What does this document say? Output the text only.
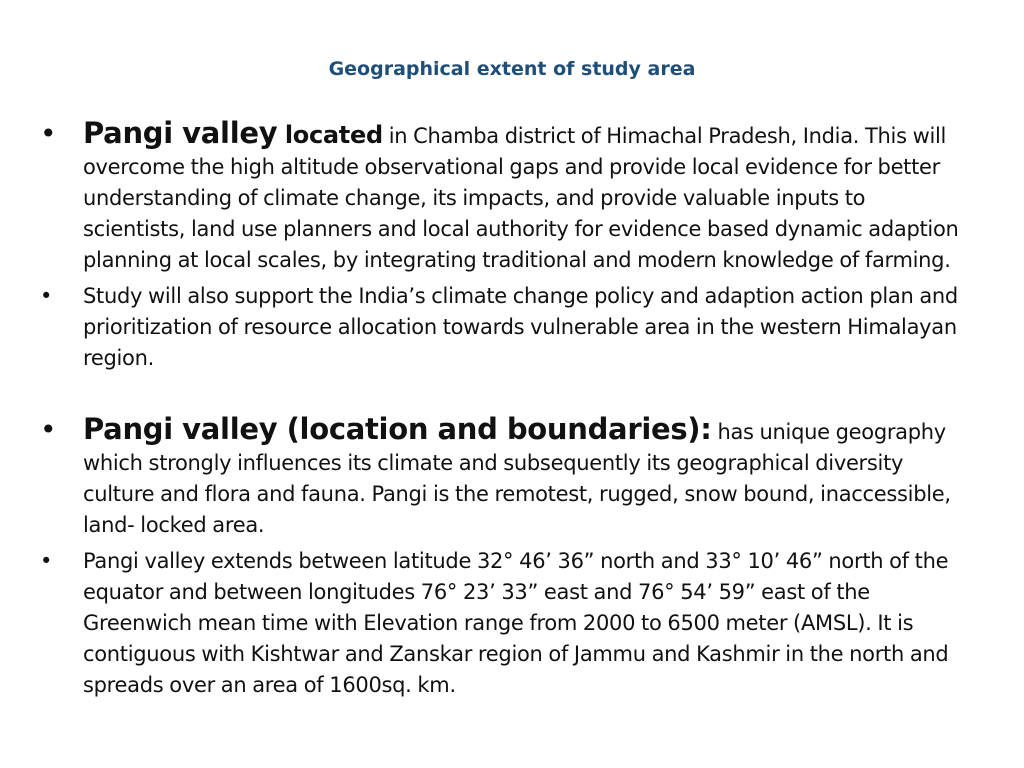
Geographical extent of study area
• Pangi valley located in Chamba district of Himachal Pradesh, India. This will overcome the high altitude observational gaps and provide local evidence for better understanding of climate change, its impacts, and provide valuable inputs to scientists, land use planners and local authority for evidence based dynamic adaption planning at local scales, by integrating traditional and modern knowledge of farming.
• Study will also support the India’s climate change policy and adaption action plan and prioritization of resource allocation towards vulnerable area in the western Himalayan region.
• Pangi valley (location and boundaries): has unique geography which strongly influences its climate and subsequently its geographical diversity culture and flora and fauna. Pangi is the remotest, rugged, snow bound, inaccessible, land- locked area.
• Pangi valley extends between latitude 32° 46’ 36” north and 33° 10’ 46” north of the equator and between longitudes 76° 23’ 33” east and 76° 54’ 59” east of the Greenwich mean time with Elevation range from 2000 to 6500 meter (AMSL). It is contiguous with Kishtwar and Zanskar region of Jammu and Kashmir in the north and spreads over an area of 1600sq. km.
